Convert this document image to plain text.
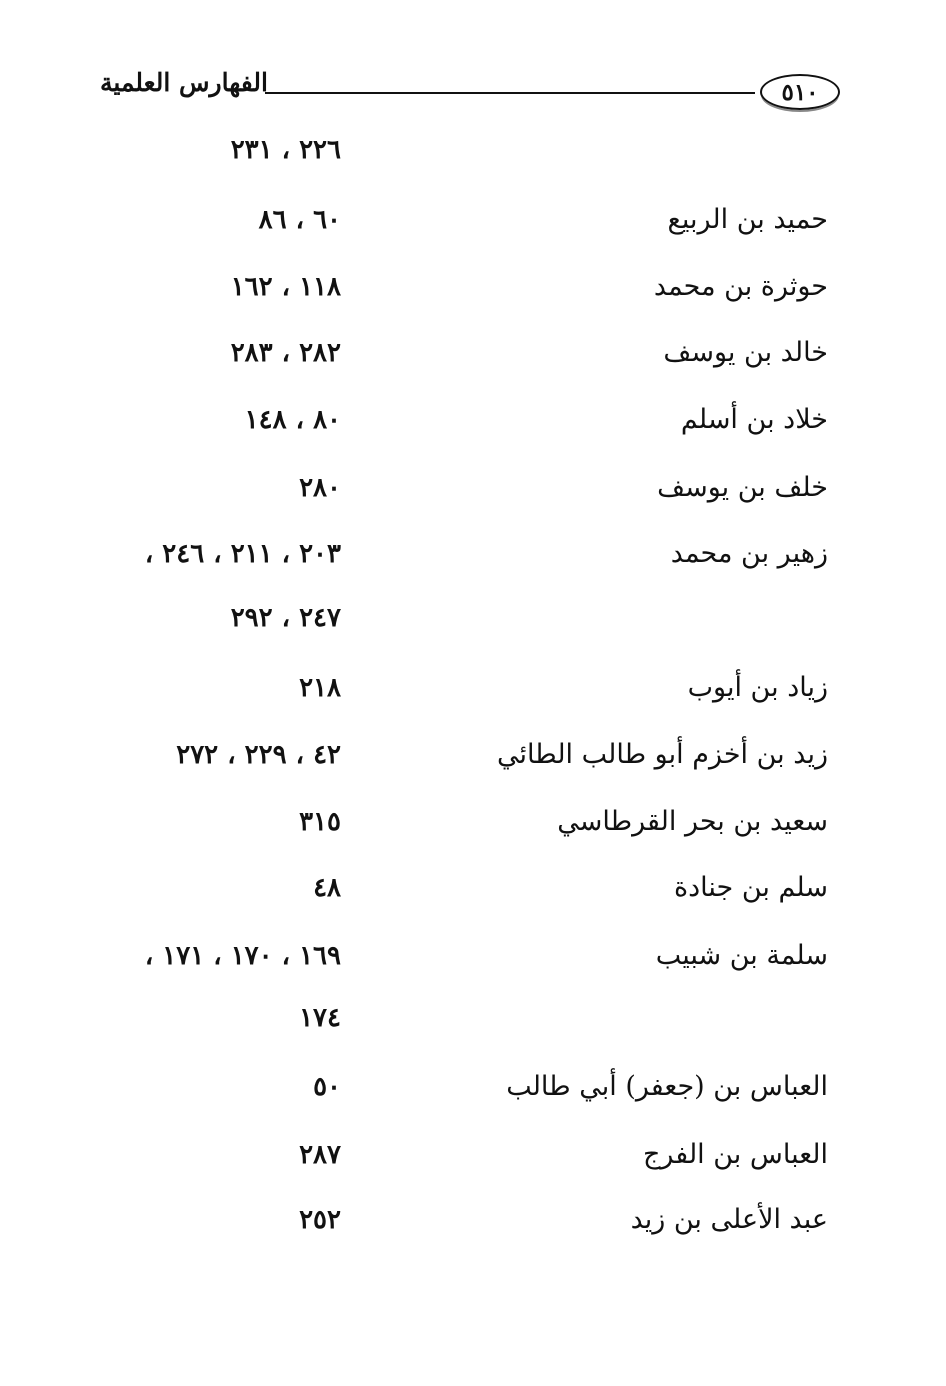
الفهارس العلمية	٥١٠
٢٢٦ ، ٢٣١
حميد بن الربيع
٦٠ ، ٨٦
حوثرة بن محمد
١١٨ ، ١٦٢
خالد بن يوسف
٢٨٢ ، ٢٨٣
خلاد بن أسلم
٨٠ ، ١٤٨
خلف بن يوسف
٢٨٠
زهير بن محمد
٢٠٣ ، ٢١١ ، ٢٤٦ ،
٢٤٧ ، ٢٩٢
زياد بن أيوب
٢١٨
زيد بن أخزم أبو طالب الطائي
٤٢ ، ٢٢٩ ، ٢٧٢
سعيد بن بحر القرطاسي
٣١٥
سلم بن جنادة
٤٨
سلمة بن شبيب
١٦٩ ، ١٧٠ ، ١٧١ ،
١٧٤
العباس بن (جعفر) أبي طالب
٥٠
العباس بن الفرج
٢٨٧
عبد الأعلى بن زيد
٢٥٢
